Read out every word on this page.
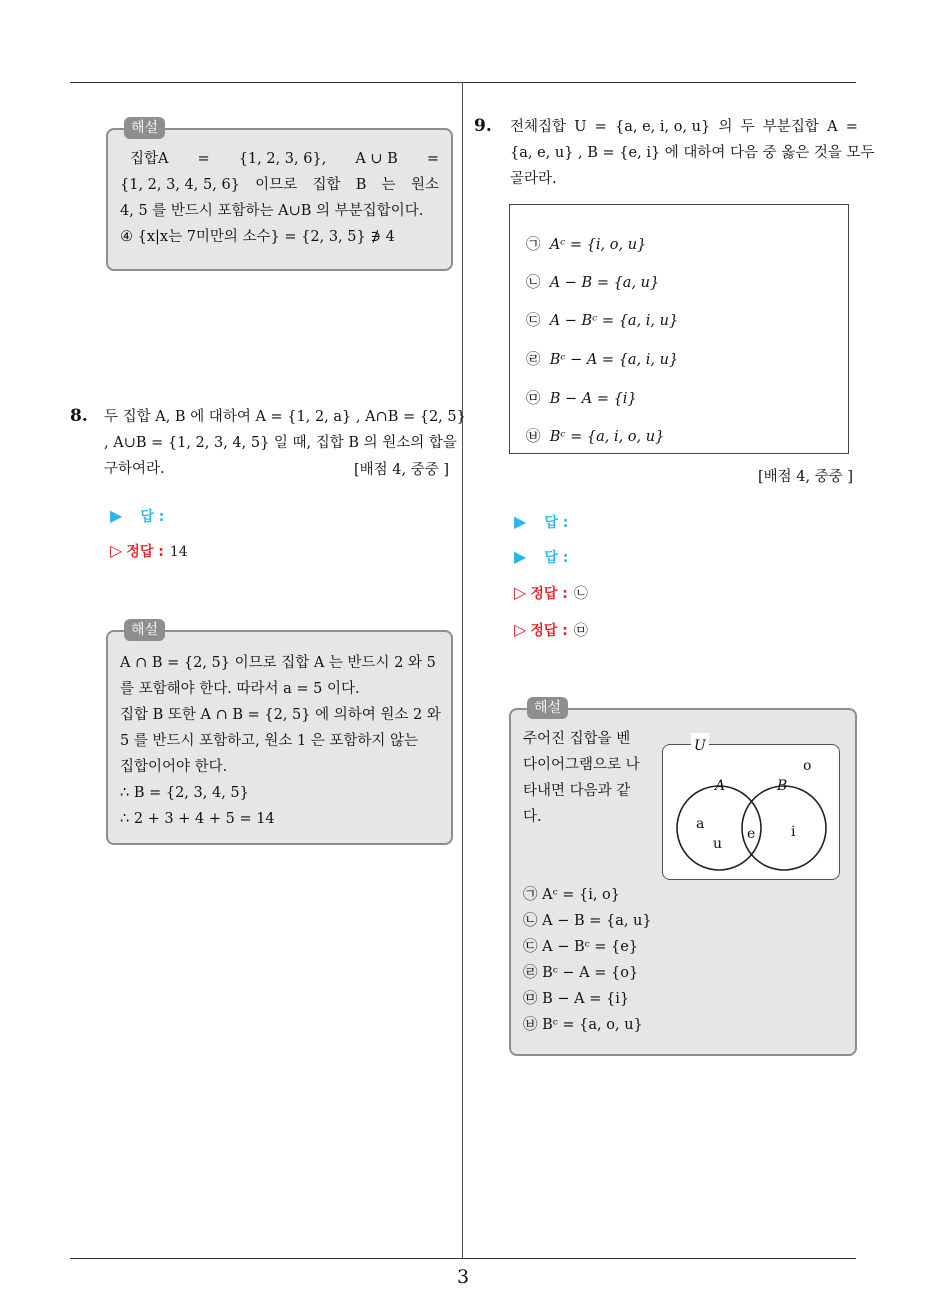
3
해설
집합A = {1, 2, 3, 6}, A ∪ B =
{1, 2, 3, 4, 5, 6} 이므로 집합 B 는 원소
4, 5 를 반드시 포함하는 A∪B 의 부분집합이다.
④ {x|x는 7미만의 소수} = {2, 3, 5} ∌ 4
8. 두 집합 A, B 에 대하여 A = {1, 2, a} , A∩B = {2, 5}
, A∪B = {1, 2, 3, 4, 5} 일 때, 집합 B 의 원소의 합을
구하여라.	[배점 4, 중중 ]
▶ 답 :
▷ 정답 : 14
해설
A ∩ B = {2, 5} 이므로 집합 A 는 반드시 2 와 5
를 포함해야 한다. 따라서 a = 5 이다.
집합 B 또한 A ∩ B = {2, 5} 에 의하여 원소 2 와
5 를 반드시 포함하고, 원소 1 은 포함하지 않는
집합이어야 한다.
∴ B = {2, 3, 4, 5}
∴ 2 + 3 + 4 + 5 = 14
9. 전체집합 U = {a, e, i, o, u} 의 두 부분집합 A =
{a, e, u} , B = {e, i} 에 대하여 다음 중 옳은 것을 모두
골라라.
㉠ Aᶜ = {i, o, u}
㉡ A − B = {a, u}
㉢ A − Bᶜ = {a, i, u}
㉣ Bᶜ − A = {a, i, u}
㉤ B − A = {i}
㉥ Bᶜ = {a, i, o, u}
[배점 4, 중중 ]
▶ 답 :
▶ 답 :
▷ 정답 : ㉡
▷ 정답 : ㉤
해설
주어진 집합을 벤
다이어그램으로 나
타내면 다음과 같
다.
U
A	B
o
a
u
e	i
㉠ Aᶜ = {i, o}
㉡ A − B = {a, u}
㉢ A − Bᶜ = {e}
㉣ Bᶜ − A = {o}
㉤ B − A = {i}
㉥ Bᶜ = {a, o, u}
